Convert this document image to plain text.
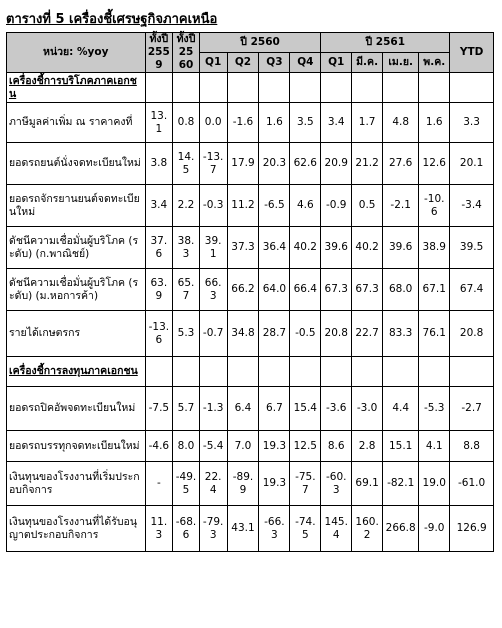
ตารางที่ 5 เครื่องชี้เศรษฐกิจภาคเหนือ
หน่วย: %yoy	ทั้งปี 2559	ทั้งปี 2560	ปี 2560				ปี 2561				YTD
			Q1	Q2	Q3	Q4	Q1	มี.ค.	เม.ย.	พ.ค.	
เครื่องชี้การบริโภคภาคเอกชน											
ภาษีมูลค่าเพิ่ม ณ ราคาคงที่	13.1	0.8	0.0	-1.6	1.6	3.5	3.4	1.7	4.8	1.6	3.3
ยอดรถยนต์นั่งจดทะเบียนใหม่	3.8	14.5	-13.7	17.9	20.3	62.6	20.9	21.2	27.6	12.6	20.1
ยอดรถจักรยานยนต์จดทะเบียนใหม่	3.4	2.2	-0.3	11.2	-6.5	4.6	-0.9	0.5	-2.1	-10.6	-3.4
ดัชนีความเชื่อมั่นผู้บริโภค (ระดับ) (ก.พาณิชย์)	37.6	38.3	39.1	37.3	36.4	40.2	39.6	40.2	39.6	38.9	39.5
ดัชนีความเชื่อมั่นผู้บริโภค (ระดับ) (ม.หอการค้า)	63.9	65.7	66.3	66.2	64.0	66.4	67.3	67.3	68.0	67.1	67.4
รายได้เกษตรกร	-13.6	5.3	-0.7	34.8	28.7	-0.5	20.8	22.7	83.3	76.1	20.8
เครื่องชี้การลงทุนภาคเอกชน											
ยอดรถปิคอัพจดทะเบียนใหม่	-7.5	5.7	-1.3	6.4	6.7	15.4	-3.6	-3.0	4.4	-5.3	-2.7
ยอดรถบรรทุกจดทะเบียนใหม่	-4.6	8.0	-5.4	7.0	19.3	12.5	8.6	2.8	15.1	4.1	8.8
เงินทุนของโรงงานที่เริ่มประกอบกิจการ	-	-49.5	22.4	-89.9	19.3	-75.7	-60.3	69.1	-82.1	19.0	-61.0
เงินทุนของโรงงานที่ได้รับอนุญาตประกอบกิจการ	11.3	-68.6	-79.3	43.1	-66.3	-74.5	145.4	160.2	266.8	-9.0	126.9
